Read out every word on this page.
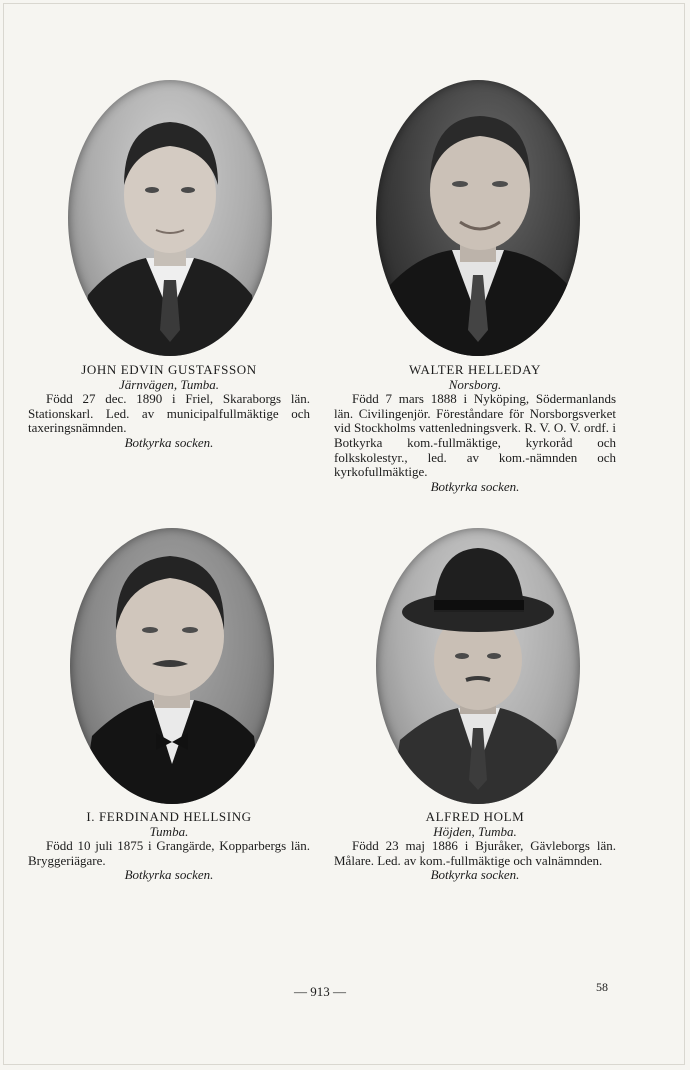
JOHN EDVIN GUSTAFSSON
Järnvägen, Tumba.
Född 27 dec. 1890 i Friel, Skaraborgs län. Stationskarl. Led. av municipalfullmäktige och taxeringsnämnden.
Botkyrka socken.
WALTER HELLEDAY
Norsborg.
Född 7 mars 1888 i Nyköping, Södermanlands län. Civilingenjör. Föreståndare för Norsborgsverket vid Stockholms vattenledningsverk. R. V. O. V. ordf. i Botkyrka kom.-fullmäktige, kyrkoråd och folkskolestyr., led. av kom.-nämnden och kyrkofullmäktige.
Botkyrka socken.
I. FERDINAND HELLSING
Tumba.
Född 10 juli 1875 i Grangärde, Kopparbergs län. Bryggeriägare.
Botkyrka socken.
ALFRED HOLM
Höjden, Tumba.
Född 23 maj 1886 i Bjuråker, Gävleborgs län. Målare. Led. av kom.-fullmäktige och valnämnden.
Botkyrka socken.
— 913 —	58
